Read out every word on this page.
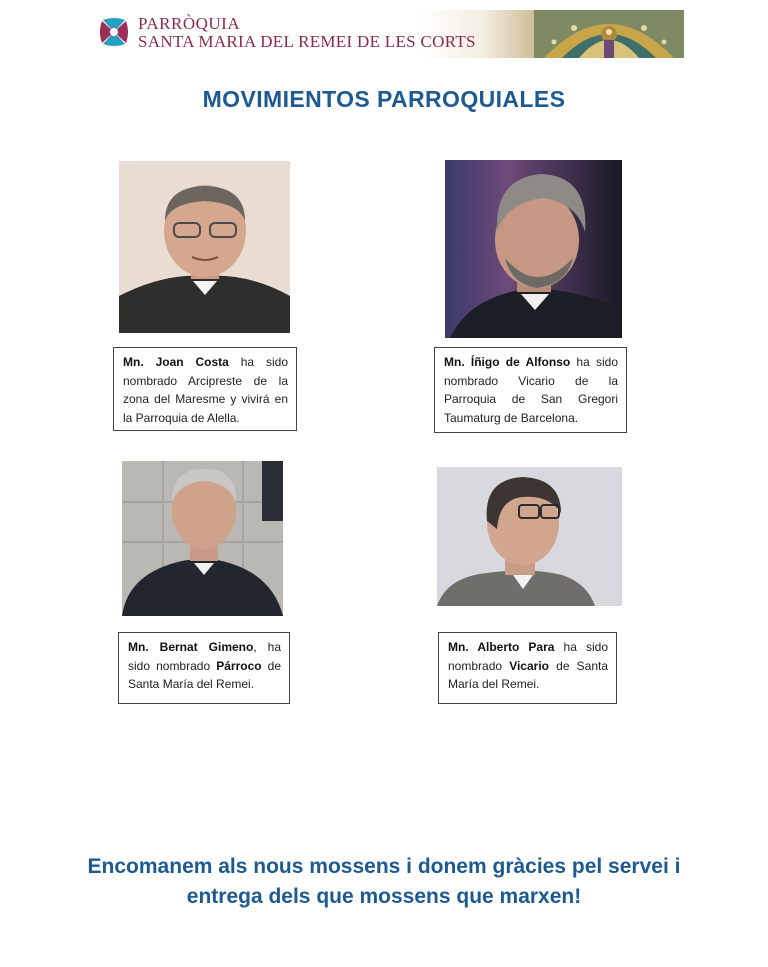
PARRÒQUIA
SANTA MARIA DEL REMEI DE LES CORTS
MOVIMIENTOS PARROQUIALES
Mn. Joan Costa ha sido nombrado Arcipreste de la zona del Maresme y vivirá en la Parroquia de Alella.
Mn. Íñigo de Alfonso ha sido nombrado Vicario de la Parroquia de San Gregori Taumaturg de Barcelona.
Mn. Bernat Gimeno, ha sido nombrado Párroco de Santa María del Remei.
Mn. Alberto Para ha sido nombrado Vicario de Santa María del Remei.
Encomanem als nous mossens i donem gràcies pel servei i
entrega dels que mossens que marxen!
